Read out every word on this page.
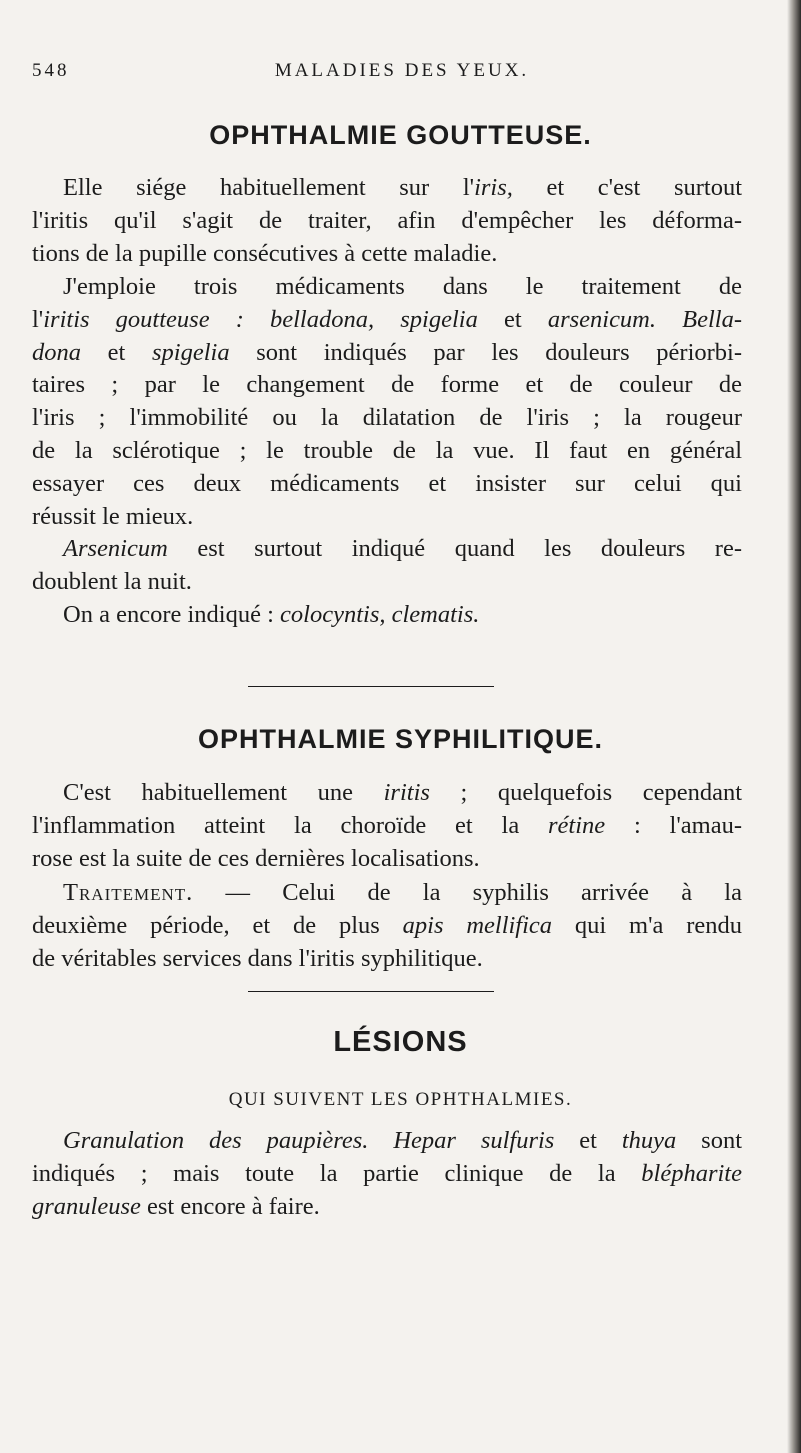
548	MALADIES DES YEUX.
OPHTHALMIE GOUTTEUSE.

Elle siége habituellement sur l'iris, et c'est surtout
l'iritis qu'il s'agit de traiter, afin d'empêcher les déforma-
tions de la pupille consécutives à cette maladie.

J'emploie trois médicaments dans le traitement de
l'iritis goutteuse : belladona, spigelia et arsenicum. Bella-
dona et spigelia sont indiqués par les douleurs périorbi-
taires ; par le changement de forme et de couleur de
l'iris ; l'immobilité ou la dilatation de l'iris ; la rougeur
de la sclérotique ; le trouble de la vue. Il faut en général
essayer ces deux médicaments et insister sur celui qui
réussit le mieux.

Arsenicum est surtout indiqué quand les douleurs re-
doublent la nuit.

On a encore indiqué : colocyntis, clematis.

OPHTHALMIE SYPHILITIQUE.

C'est habituellement une iritis ; quelquefois cependant
l'inflammation atteint la choroïde et la rétine : l'amau-
rose est la suite de ces dernières localisations.

Traitement. — Celui de la syphilis arrivée à la
deuxième période, et de plus apis mellifica qui m'a rendu
de véritables services dans l'iritis syphilitique.

LÉSIONS
QUI SUIVENT LES OPHTHALMIES.

Granulation des paupières. Hepar sulfuris et thuya sont
indiqués ; mais toute la partie clinique de la blépharite
granuleuse est encore à faire.
